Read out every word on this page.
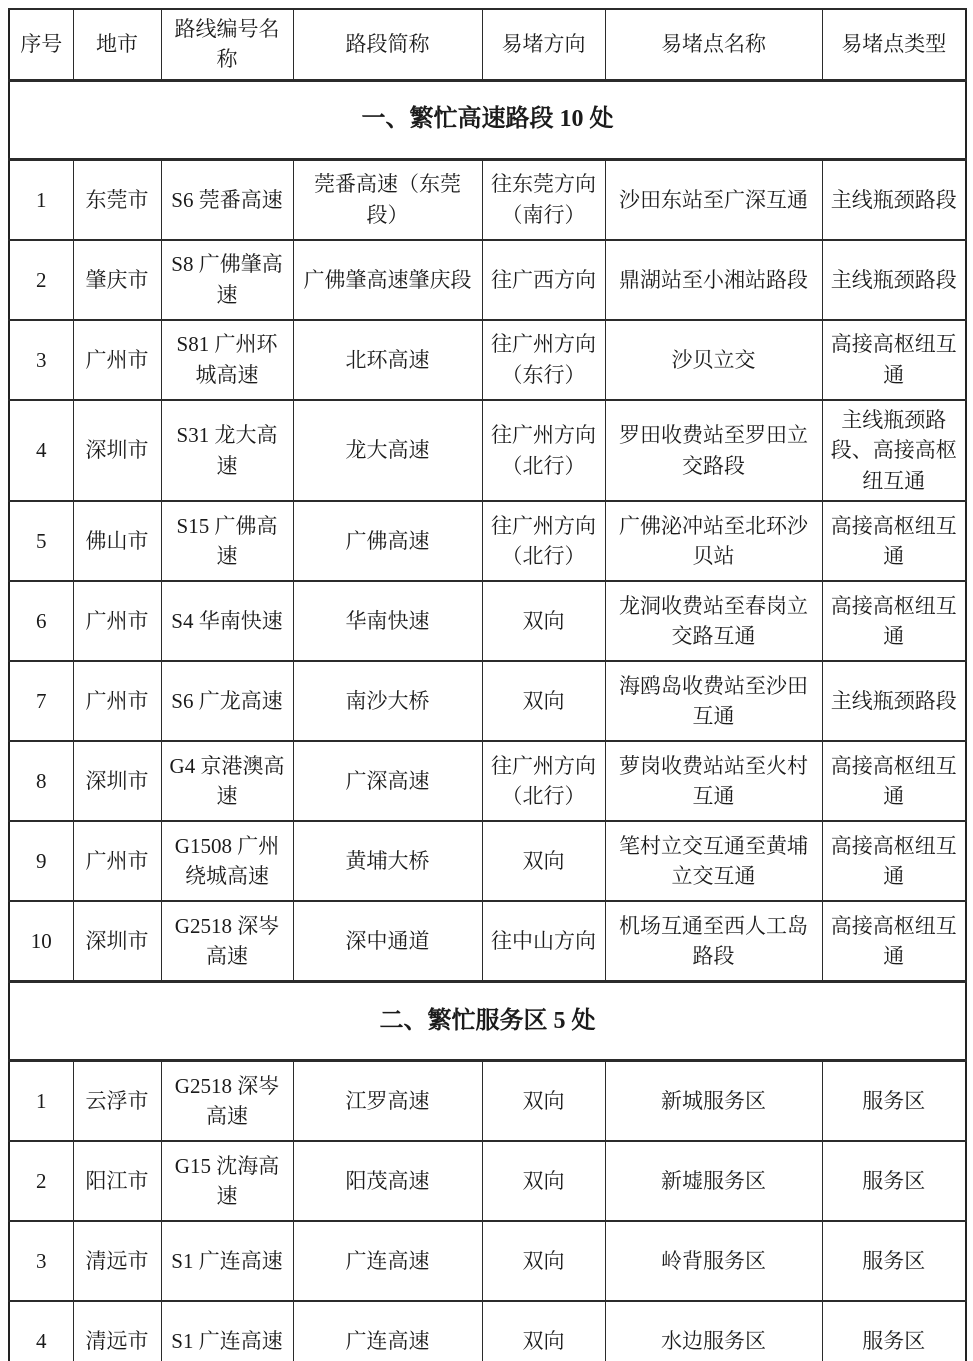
序号	地市	路线编号名称	路段简称	易堵方向	易堵点名称	易堵点类型
一、繁忙高速路段 10 处						
1	东莞市	S6 莞番高速	莞番高速（东莞段）	往东莞方向（南行）	沙田东站至广深互通	主线瓶颈路段
2	肇庆市	S8 广佛肇高速	广佛肇高速肇庆段	往广西方向	鼎湖站至小湘站路段	主线瓶颈路段
3	广州市	S81 广州环城高速	北环高速	往广州方向（东行）	沙贝立交	高接高枢纽互通
4	深圳市	S31 龙大高速	龙大高速	往广州方向（北行）	罗田收费站至罗田立交路段	主线瓶颈路段、高接高枢纽互通
5	佛山市	S15 广佛高速	广佛高速	往广州方向（北行）	广佛泌冲站至北环沙贝站	高接高枢纽互通
6	广州市	S4 华南快速	华南快速	双向	龙洞收费站至春岗立交路互通	高接高枢纽互通
7	广州市	S6 广龙高速	南沙大桥	双向	海鸥岛收费站至沙田互通	主线瓶颈路段
8	深圳市	G4 京港澳高速	广深高速	往广州方向（北行）	萝岗收费站站至火村互通	高接高枢纽互通
9	广州市	G1508 广州绕城高速	黄埔大桥	双向	笔村立交互通至黄埔立交互通	高接高枢纽互通
10	深圳市	G2518 深岑高速	深中通道	往中山方向	机场互通至西人工岛路段	高接高枢纽互通
二、繁忙服务区 5 处						
1	云浮市	G2518 深岑高速	江罗高速	双向	新城服务区	服务区
2	阳江市	G15 沈海高速	阳茂高速	双向	新墟服务区	服务区
3	清远市	S1 广连高速	广连高速	双向	岭背服务区	服务区
4	清远市	S1 广连高速	广连高速	双向	水边服务区	服务区
